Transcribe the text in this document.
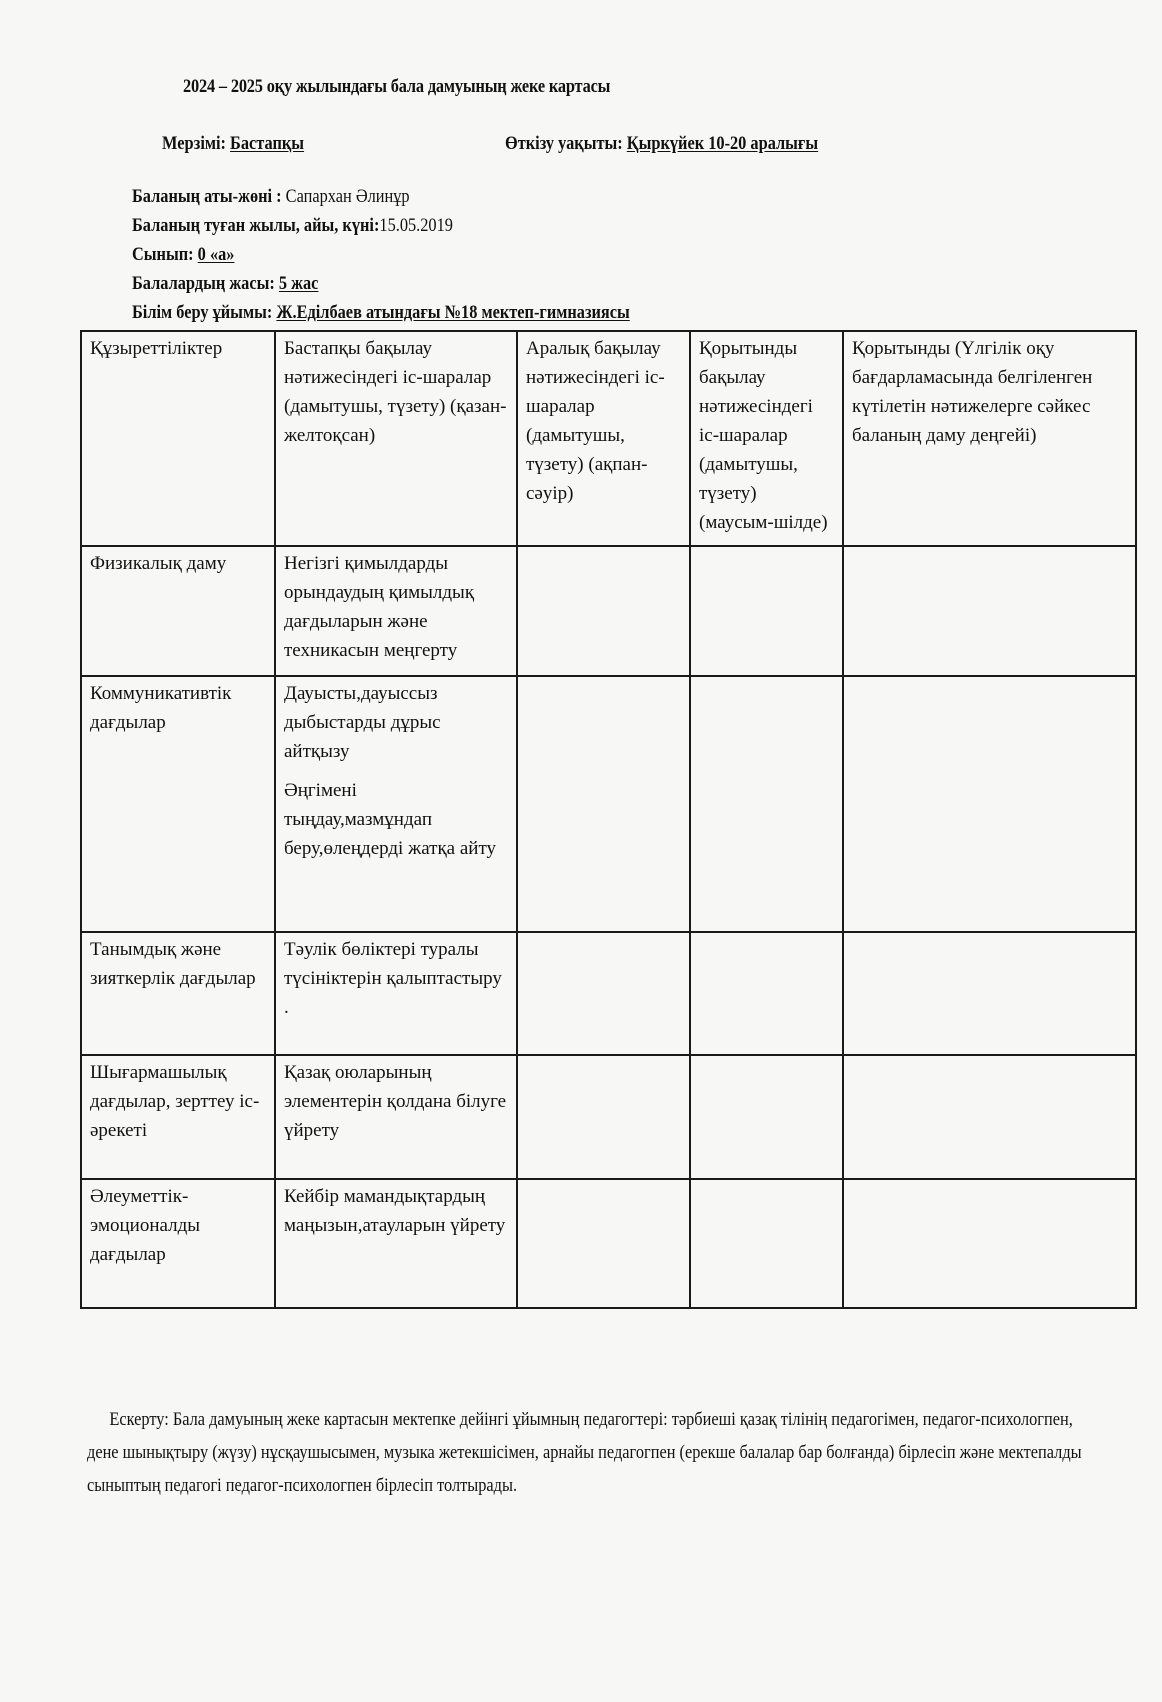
2024 – 2025 оқу жылындағы бала дамуының жеке картасы
Мерзімі: Бастапқы	Өткізу уақыты: Қыркүйек 10-20 аралығы
Баланың аты-жөні : Сапархан Әлинұр
Баланың туған жылы, айы, күні:15.05.2019
Сынып: 0 «а»
Балалардың жасы: 5 жас
Білім беру ұйымы: Ж.Еділбаев атындағы №18 мектеп-гимназиясы
Құзыреттіліктер	Бастапқы бақылау нәтижесіндегі іс-шаралар (дамытушы, түзету) (қазан-желтоқсан)	Аралық бақылау нәтижесіндегі іс-шаралар (дамытушы, түзету) (ақпан-сәуір)	Қорытынды бақылау нәтижесіндегі іс-шаралар (дамытушы, түзету) (маусым-шілде)	Қорытынды (Үлгілік оқу бағдарламасында белгіленген күтілетін нәтижелерге сәйкес баланың даму деңгейі)
Физикалық даму	Негізгі қимылдарды орындаудың қимылдық дағдыларын және техникасын меңгерту			

Коммуникативтік дағдылар	Дауысты,дауыссыз дыбыстарды дұрыс айтқызу

Әңгімені тыңдау,мазмұндап беру,өлеңдерді жатқа айту			

Танымдық және зияткерлік дағдылар	Тәулік бөліктері туралы түсініктерін қалыптастыру .			

Шығармашылық дағдылар, зерттеу іс-әрекеті	Қазақ оюларының элементерін қолдана білуге үйрету			

Әлеуметтік-эмоционалды дағдылар	Кейбір мамандықтардың маңызын,атауларын үйрету			

Ескерту: Бала дамуының жеке картасын мектепке дейінгі ұйымның педагогтері: тәрбиеші қазақ тілінің педагогімен, педагог-психологпен, дене шынықтыру (жүзу) нұсқаушысымен, музыка жетекшісімен, арнайы педагогпен (ерекше балалар бар болғанда) бірлесіп және мектепалды сыныптың педагогі педагог-психологпен бірлесіп толтырады.
